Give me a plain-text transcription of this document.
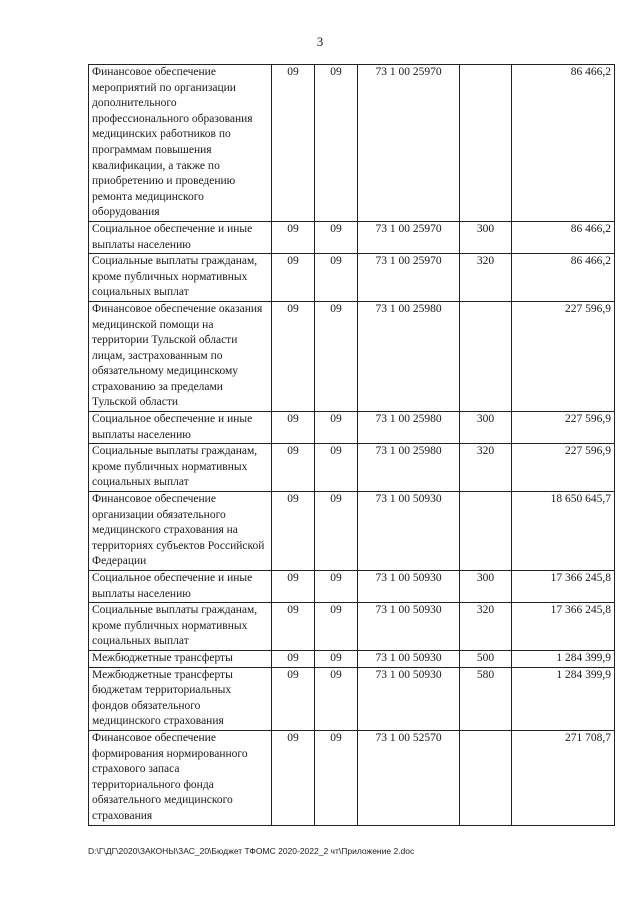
3
Финансовое обеспечение мероприятий по организации дополнительного профессионального образования медицинских работников по программам повышения квалификации, а также по приобретению и проведению ремонта медицинского оборудования	09	09	73 1 00 25970		86 466,2
Социальное обеспечение и иные выплаты населению	09	09	73 1 00 25970	300	86 466,2
Социальные выплаты гражданам, кроме публичных нормативных социальных выплат	09	09	73 1 00 25970	320	86 466,2
Финансовое обеспечение оказания медицинской помощи на территории Тульской области лицам, застрахованным по обязательному медицинскому страхованию за пределами Тульской области	09	09	73 1 00 25980		227 596,9
Социальное обеспечение и иные выплаты населению	09	09	73 1 00 25980	300	227 596,9
Социальные выплаты гражданам, кроме публичных нормативных социальных выплат	09	09	73 1 00 25980	320	227 596,9
Финансовое обеспечение организации обязательного медицинского страхования на территориях субъектов Российской Федерации	09	09	73 1 00 50930		18 650 645,7
Социальное обеспечение и иные выплаты населению	09	09	73 1 00 50930	300	17 366 245,8
Социальные выплаты гражданам, кроме публичных нормативных социальных выплат	09	09	73 1 00 50930	320	17 366 245,8
Межбюджетные трансферты	09	09	73 1 00 50930	500	1 284 399,9
Межбюджетные трансферты бюджетам территориальных фондов обязательного медицинского страхования	09	09	73 1 00 50930	580	1 284 399,9
Финансовое обеспечение формирования нормированного страхового запаса территориального фонда обязательного медицинского страхования	09	09	73 1 00 52570		271 708,7
D:\Г\ДГ\2020\ЗАКОНЫ\ЗАС_20\Бюджет ТФОМС 2020-2022_2 чт\Приложение 2.doc
